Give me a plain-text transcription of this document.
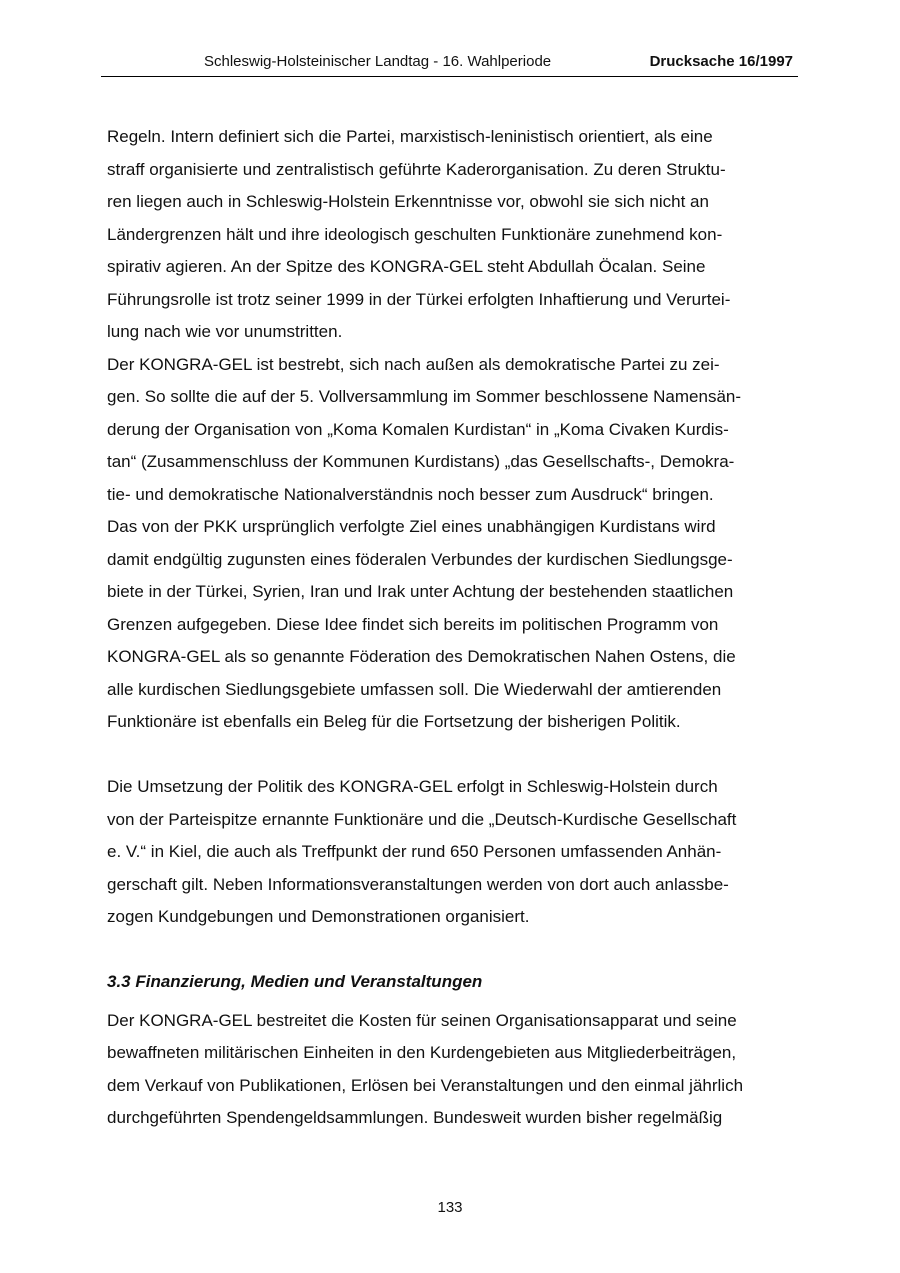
Schleswig-Holsteinischer Landtag - 16. Wahlperiode	Drucksache 16/1997
Regeln. Intern definiert sich die Partei, marxistisch-leninistisch orientiert, als eine
straff organisierte und zentralistisch geführte Kaderorganisation. Zu deren Struktu-
ren liegen auch in Schleswig-Holstein Erkenntnisse vor, obwohl sie sich nicht an
Ländergrenzen hält und ihre ideologisch geschulten Funktionäre zunehmend kon-
spirativ agieren. An der Spitze des KONGRA-GEL steht Abdullah Öcalan. Seine
Führungsrolle ist trotz seiner 1999 in der Türkei erfolgten Inhaftierung und Verurtei-
lung nach wie vor unumstritten.
Der KONGRA-GEL ist bestrebt, sich nach außen als demokratische Partei zu zei-
gen. So sollte die auf der 5. Vollversammlung im Sommer beschlossene Namensän-
derung der Organisation von „Koma Komalen Kurdistan“ in „Koma Civaken Kurdis-
tan“ (Zusammenschluss der Kommunen Kurdistans) „das Gesellschafts-, Demokra-
tie- und demokratische Nationalverständnis noch besser zum Ausdruck“ bringen.
Das von der PKK ursprünglich verfolgte Ziel eines unabhängigen Kurdistans wird
damit endgültig zugunsten eines föderalen Verbundes der kurdischen Siedlungsge-
biete in der Türkei, Syrien, Iran und Irak unter Achtung der bestehenden staatlichen
Grenzen aufgegeben. Diese Idee findet sich bereits im politischen Programm von
KONGRA-GEL als so genannte Föderation des Demokratischen Nahen Ostens, die
alle kurdischen Siedlungsgebiete umfassen soll. Die Wiederwahl der amtierenden
Funktionäre ist ebenfalls ein Beleg für die Fortsetzung der bisherigen Politik.
Die Umsetzung der Politik des KONGRA-GEL erfolgt in Schleswig-Holstein durch
von der Parteispitze ernannte Funktionäre und die „Deutsch-Kurdische Gesellschaft
e. V.“ in Kiel, die auch als Treffpunkt der rund 650 Personen umfassenden Anhän-
gerschaft gilt. Neben Informationsveranstaltungen werden von dort auch anlassbe-
zogen Kundgebungen und Demonstrationen organisiert.
3.3 Finanzierung, Medien und Veranstaltungen
Der KONGRA-GEL bestreitet die Kosten für seinen Organisationsapparat und seine
bewaffneten militärischen Einheiten in den Kurdengebieten aus Mitgliederbeiträgen,
dem Verkauf von Publikationen, Erlösen bei Veranstaltungen und den einmal jährlich
durchgeführten Spendengeldsammlungen. Bundesweit wurden bisher regelmäßig
133
